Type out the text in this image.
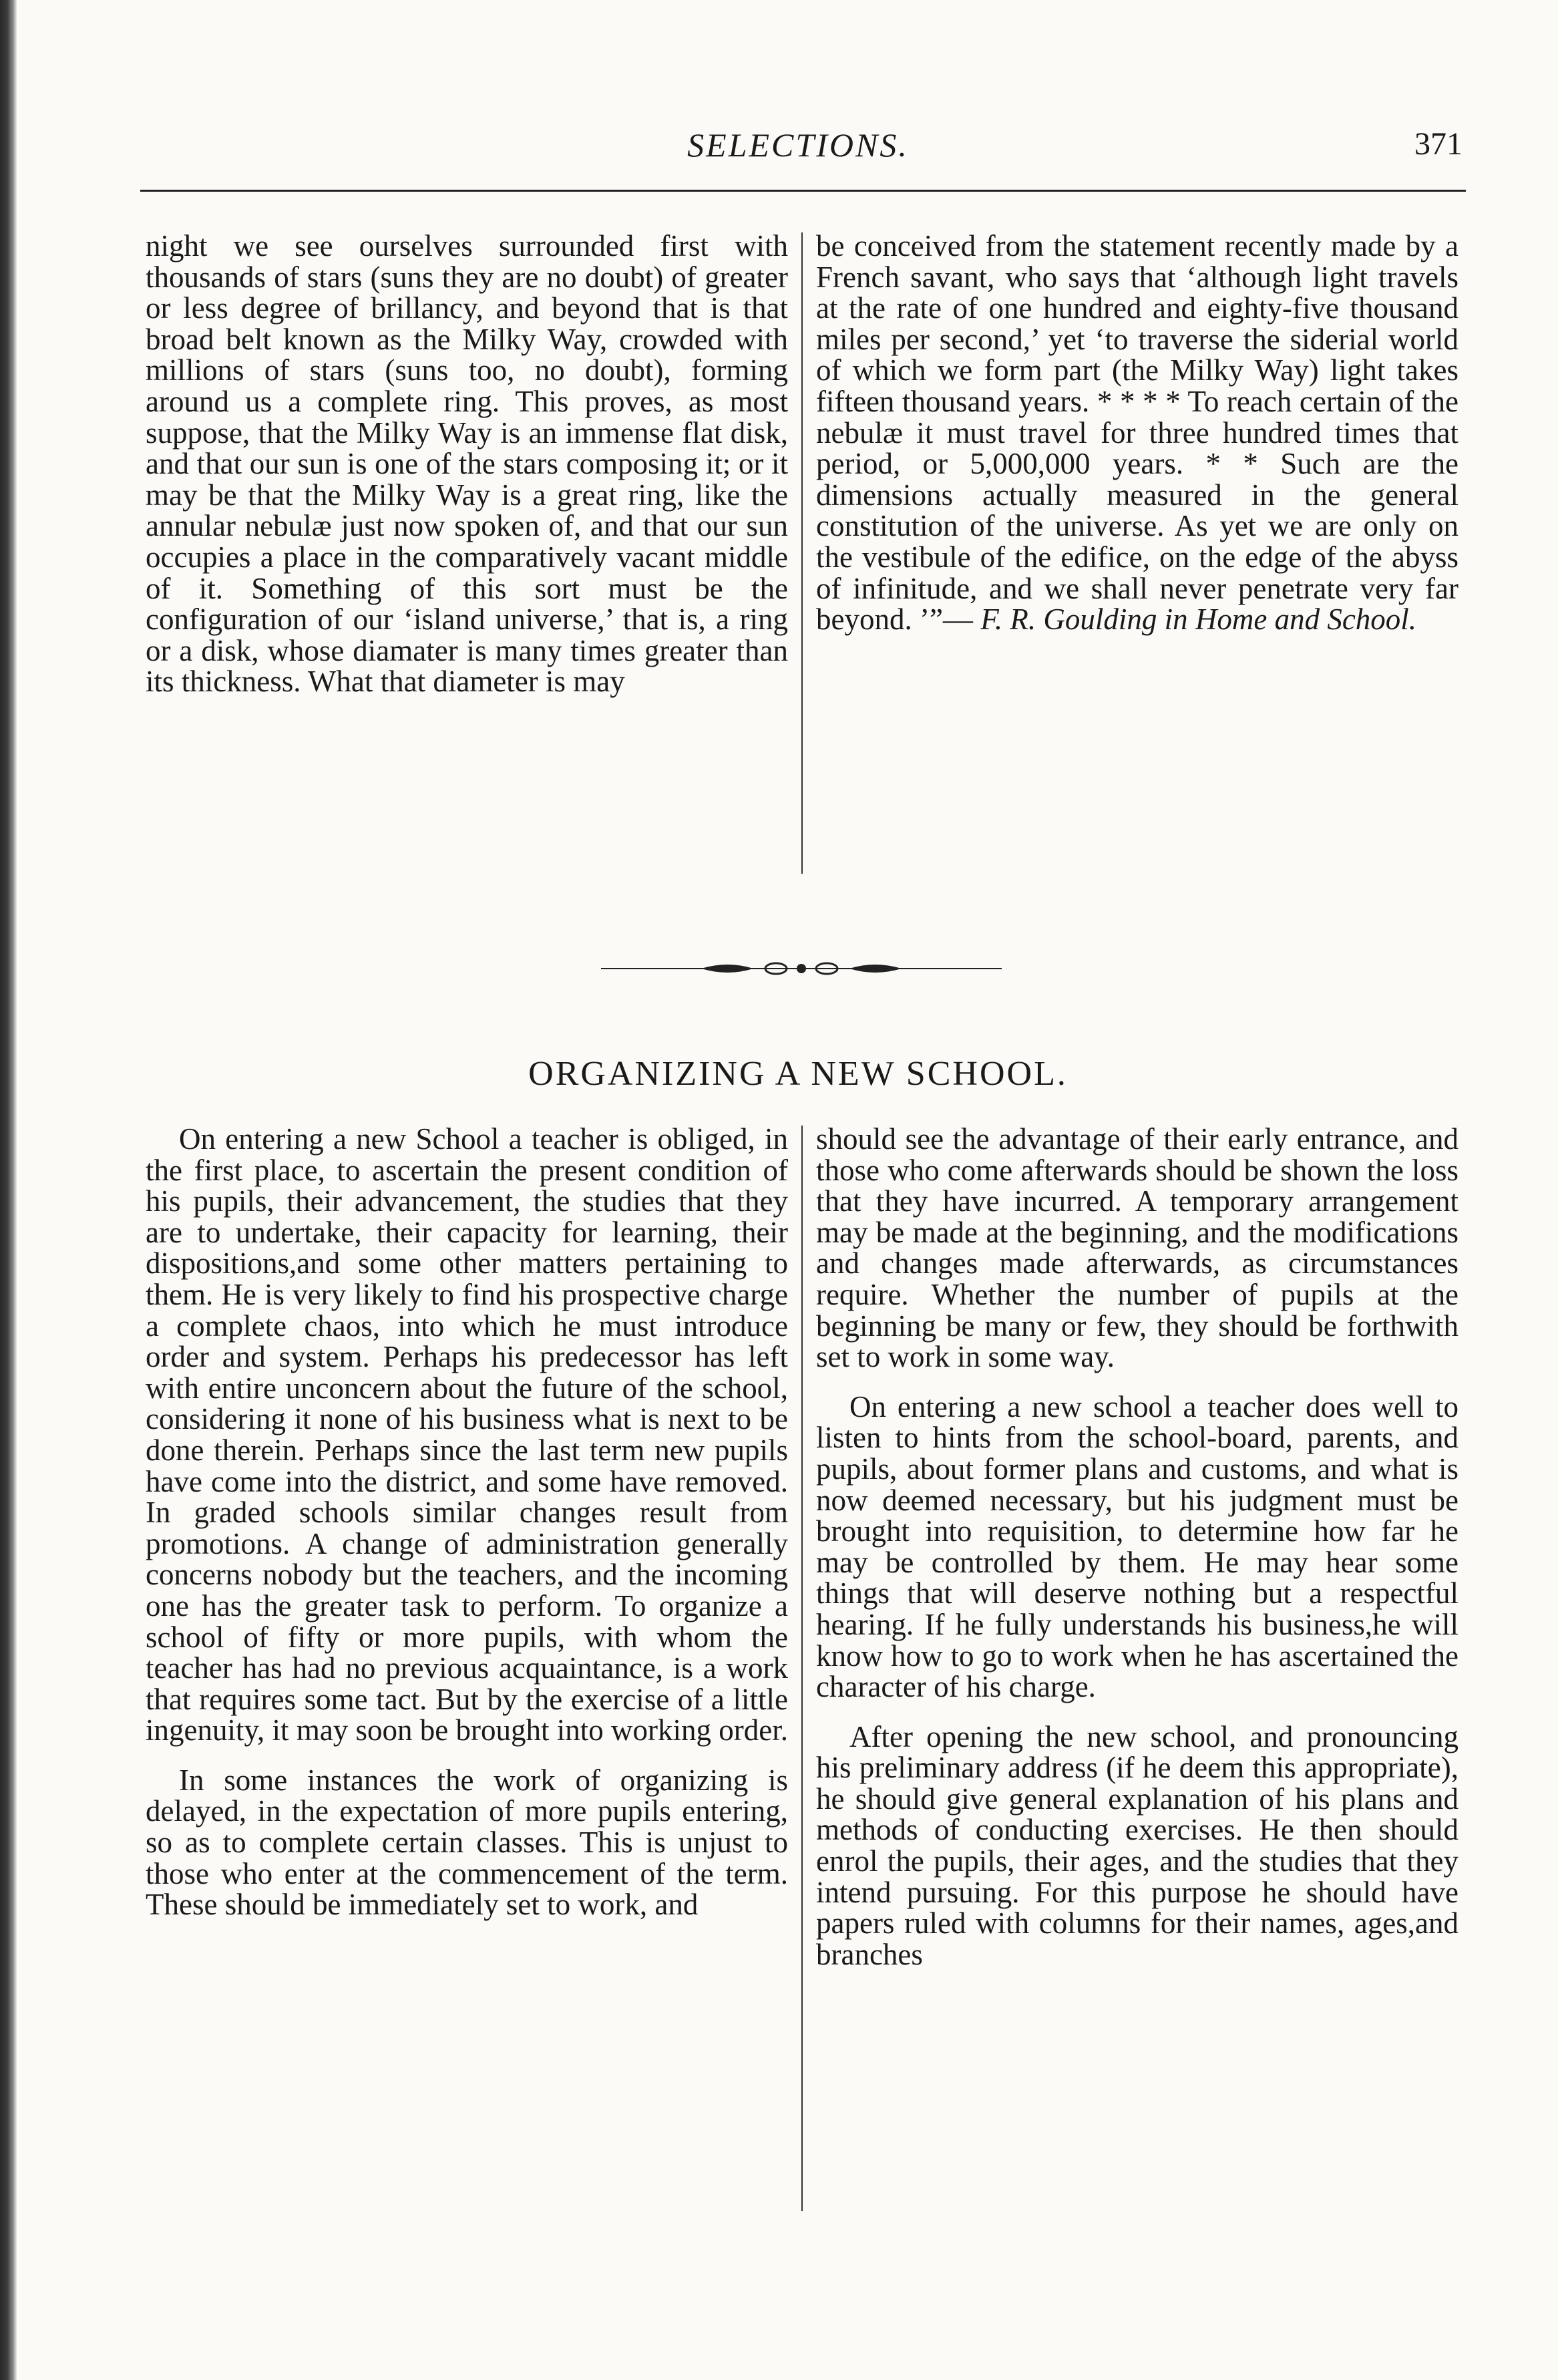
SELECTIONS.	371

night we see ourselves surrounded first with thousands of stars (suns they are no doubt) of greater or less degree of brillancy, and beyond that is that broad belt known as the Milky Way, crowded with millions of stars (suns too, no doubt), forming around us a complete ring. This proves, as most suppose, that the Milky Way is an immense flat disk, and that our sun is one of the stars composing it; or it may be that the Milky Way is a great ring, like the annular nebulæ just now spoken of, and that our sun occupies a place in the comparatively vacant middle of it. Something of this sort must be the configuration of our ‘island universe,’ that is, a ring or a disk, whose diamater is many times greater than its thickness. What that diameter is may

be conceived from the statement recently made by a French savant, who says that ‘although light travels at the rate of one hundred and eighty-five thousand miles per second,’ yet ‘to traverse the siderial world of which we form part (the Milky Way) light takes fifteen thousand years. * * * * To reach certain of the nebulæ it must travel for three hundred times that period, or 5,000,000 years. * * Such are the dimensions actually measured in the general constitution of the universe. As yet we are only on the vestibule of the edifice, on the edge of the abyss of infinitude, and we shall never penetrate very far beyond. ’”— F. R. Goulding in Home and School.

ORGANIZING A NEW SCHOOL.

On entering a new School a teacher is obliged, in the first place, to ascertain the present condition of his pupils, their advancement, the studies that they are to undertake, their capacity for learning, their dispositions,and some other matters pertaining to them. He is very likely to find his prospective charge a complete chaos, into which he must introduce order and system. Perhaps his predecessor has left with entire unconcern about the future of the school, considering it none of his business what is next to be done therein. Perhaps since the last term new pupils have come into the district, and some have removed. In graded schools similar changes result from promotions. A change of administration generally concerns nobody but the teachers, and the incoming one has the greater task to perform. To organize a school of fifty or more pupils, with whom the teacher has had no previous acquaintance, is a work that requires some tact. But by the exercise of a little ingenuity, it may soon be brought into working order.

In some instances the work of organizing is delayed, in the expectation of more pupils entering, so as to complete certain classes. This is unjust to those who enter at the commencement of the term. These should be immediately set to work, and

should see the advantage of their early entrance, and those who come afterwards should be shown the loss that they have incurred. A temporary arrangement may be made at the beginning, and the modifications and changes made afterwards, as circumstances require. Whether the number of pupils at the beginning be many or few, they should be forthwith set to work in some way.

On entering a new school a teacher does well to listen to hints from the school-board, parents, and pupils, about former plans and customs, and what is now deemed necessary, but his judgment must be brought into requisition, to determine how far he may be controlled by them. He may hear some things that will deserve nothing but a respectful hearing. If he fully understands his business,he will know how to go to work when he has ascertained the character of his charge.

After opening the new school, and pronouncing his preliminary address (if he deem this appropriate), he should give general explanation of his plans and methods of conducting exercises. He then should enrol the pupils, their ages, and the studies that they intend pursuing. For this purpose he should have papers ruled with columns for their names, ages,and branches
